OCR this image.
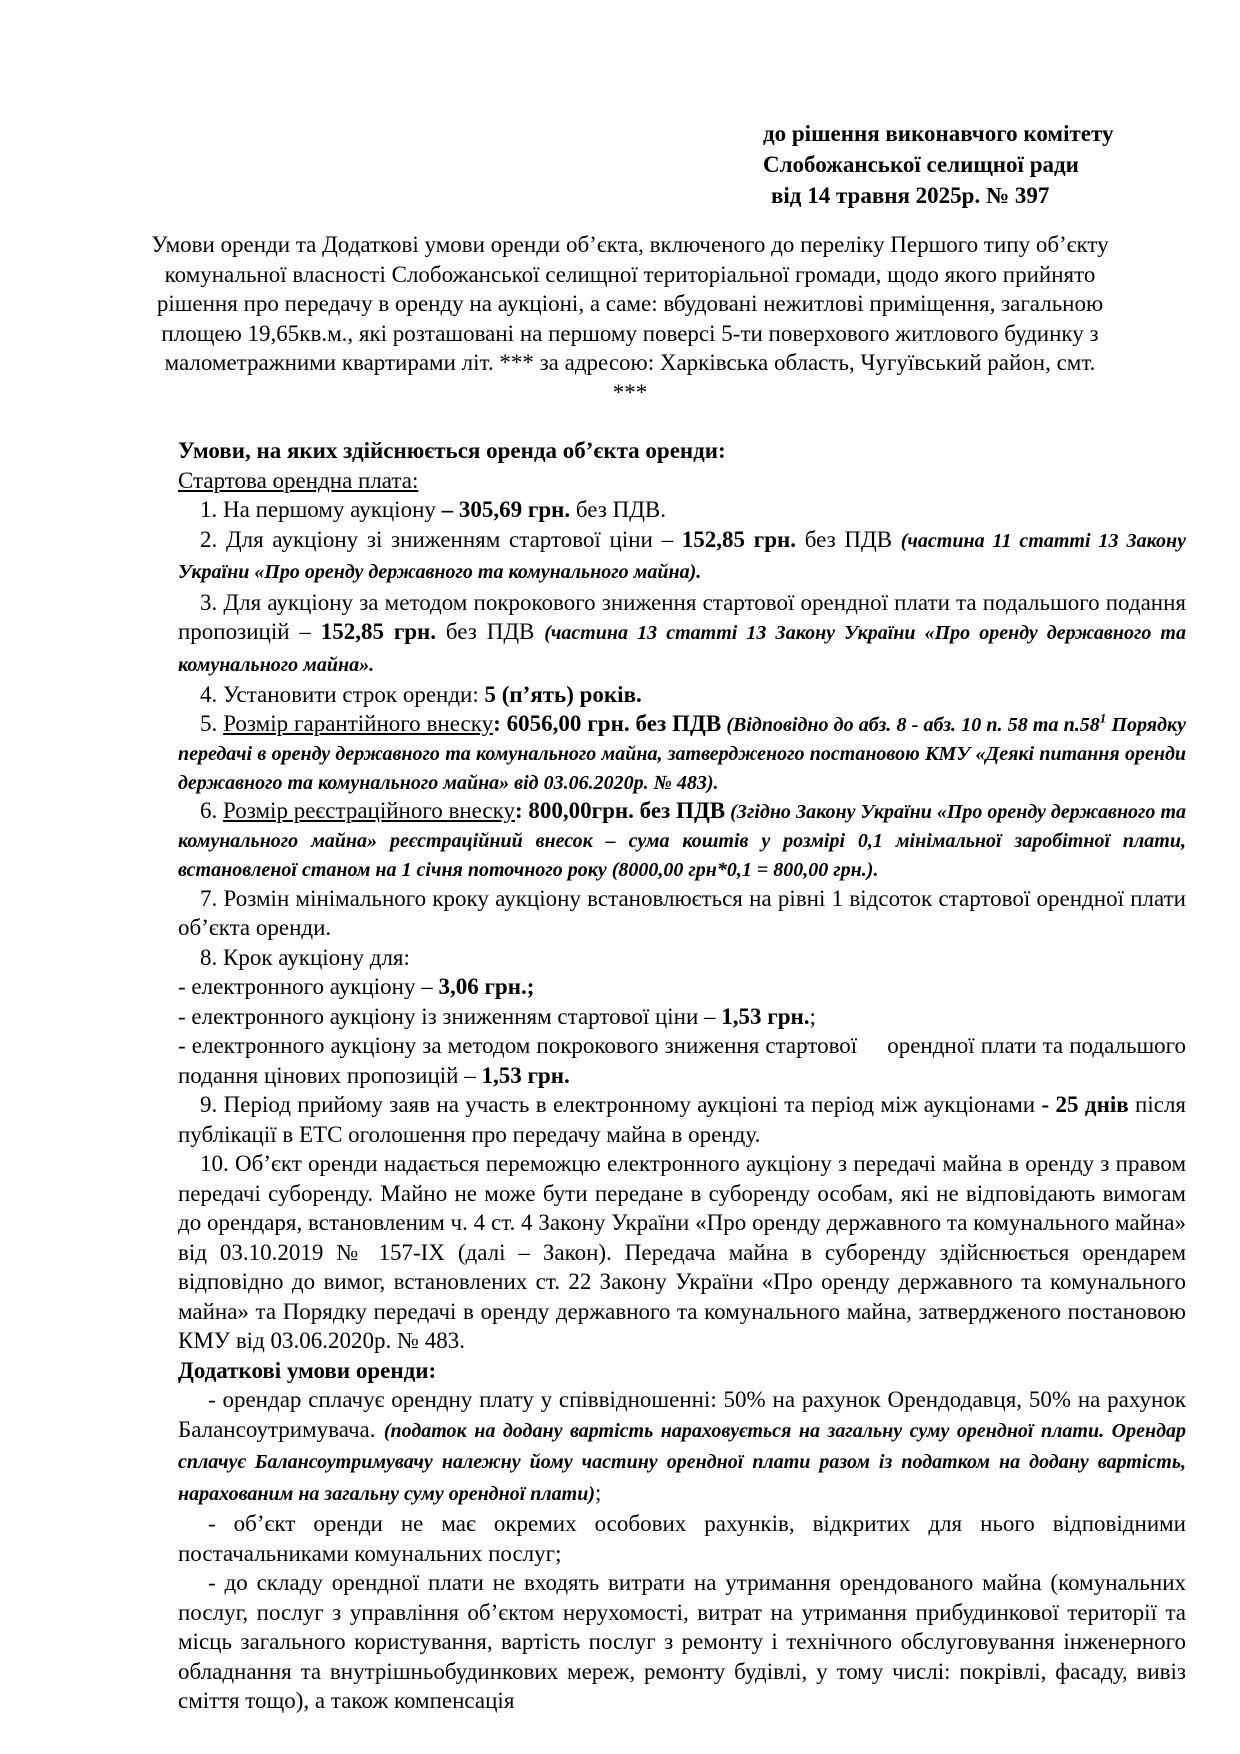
до рішення виконавчого комітету
Слобожанської селищної ради
від 14 травня 2025р. № 397
Умови оренди та Додаткові умови оренди об’єкта, включеного до переліку Першого типу об’єкту комунальної власності Слобожанської селищної територіальної громади, щодо якого прийнято рішення про передачу в оренду на аукціоні, а саме: вбудовані нежитлові приміщення, загальною площею 19,65кв.м., які розташовані на першому поверсі 5-ти поверхового житлового будинку з малометражними квартирами літ. *** за адресою: Харківська область, Чугуївський район, смт. ***

Умови, на яких здійснюється оренда об’єкта оренди:

Стартова орендна плата:

1. На першому аукціону – 305,69 грн. без ПДВ.

2. Для аукціону зі зниженням стартової ціни – 152,85 грн. без ПДВ (частина 11 статті 13 Закону України «Про оренду державного та комунального майна).

3. Для аукціону за методом покрокового зниження стартової орендної плати та подальшого подання пропозицій – 152,85 грн. без ПДВ (частина 13 статті 13 Закону України «Про оренду державного та комунального майна».

4. Установити строк оренди: 5 (п’ять) років.

5. Розмір гарантійного внеску: 6056,00 грн. без ПДВ (Відповідно до абз. 8 - абз. 10 п. 58 та $п.58^1$ Порядку передачі в оренду державного та комунального майна, затвердженого постановою КМУ «Деякі питання оренди державного та комунального майна» від 03.06.2020р. № 483).

6. Розмір реєстраційного внеску: 800,00грн. без ПДВ (Згідно Закону України «Про оренду державного та комунального майна» реєстраційний внесок – сума коштів у розмірі 0,1 мінімальної заробітної плати, встановленої станом на 1 січня поточного року (8000,00 грн*0,1 = 800,00 грн.).

7. Розмін мінімального кроку аукціону встановлюється на рівні 1 відсоток стартової орендної плати об’єкта оренди.

8. Крок аукціону для:

- електронного аукціону – 3,06 грн.;

- електронного аукціону із зниженням стартової ціни – 1,53 грн.;

- електронного аукціону за методом покрокового зниження стартової орендної плати та подальшого подання цінових пропозицій – 1,53 грн.

9. Період прийому заяв на участь в електронному аукціоні та період між аукціонами - 25 днів після публікації в ЕТС оголошення про передачу майна в оренду.

10. Об’єкт оренди надається переможцю електронного аукціону з передачі майна в оренду з правом передачі суборенду. Майно не може бути передане в суборенду особам, які не відповідають вимогам до орендаря, встановленим ч. 4 ст. 4 Закону України «Про оренду державного та комунального майна» від 03.10.2019 № 157-IX (далі – Закон). Передача майна в суборенду здійснюється орендарем відповідно до вимог, встановлених ст. 22 Закону України «Про оренду державного та комунального майна» та Порядку передачі в оренду державного та комунального майна, затвердженого постановою КМУ від 03.06.2020р. № 483.

Додаткові умови оренди:

- орендар сплачує орендну плату у співвідношенні: 50% на рахунок Орендодавця, 50% на рахунок Балансоутримувача. (податок на додану вартість нараховується на загальну суму орендної плати. Орендар сплачує Балансоутримувачу належну йому частину орендної плати разом із податком на додану вартість, нарахованим на загальну суму орендної плати);

- об’єкт оренди не має окремих особових рахунків, відкритих для нього відповідними постачальниками комунальних послуг;

- до складу орендної плати не входять витрати на утримання орендованого майна (комунальних послуг, послуг з управління об’єктом нерухомості, витрат на утримання прибудинкової території та місць загального користування, вартість послуг з ремонту і технічного обслуговування інженерного обладнання та внутрішньобудинкових мереж, ремонту будівлі, у тому числі: покрівлі, фасаду, вивіз сміття тощо), а також компенсація
